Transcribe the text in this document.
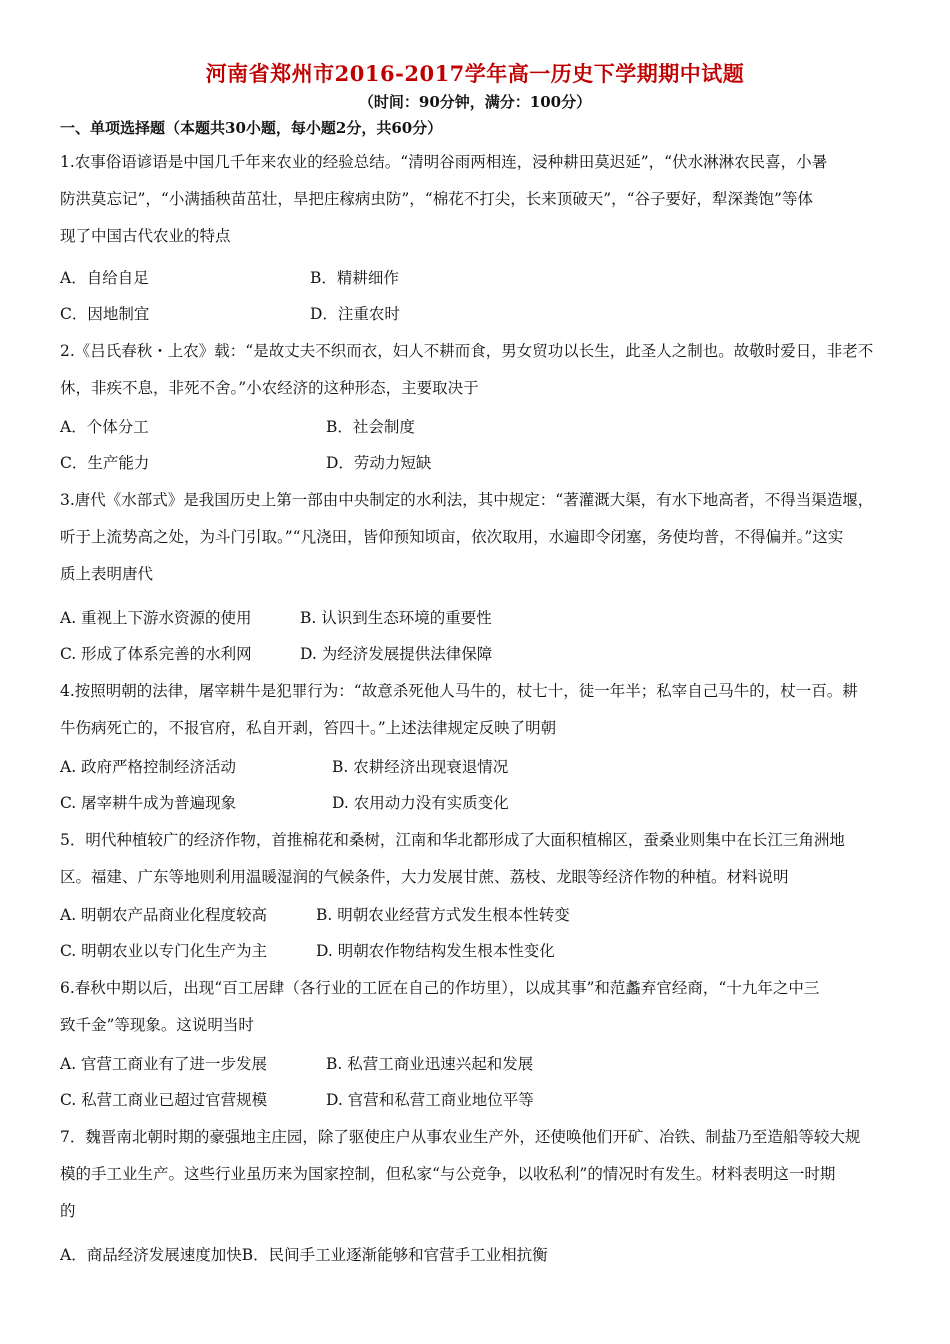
河南省郑州市2016-2017学年高一历史下学期期中试题
（时间：90分钟，满分：100分）
一、单项选择题（本题共30小题，每小题2分，共60分）

1.农事俗语谚语是中国几千年来农业的经验总结。“清明谷雨两相连，浸种耕田莫迟延”，“伏水淋淋农民喜，小暑

防洪莫忘记”，“小满插秧苗茁壮，旱把庄稼病虫防”，“棉花不打尖，长来顶破天”，“谷子要好，犁深粪饱”等体

现了中国古代农业的特点

A．自给自足	B．精耕细作
C．因地制宜	D．注重农时

2.《吕氏春秋・上农》载：“是故丈夫不织而衣，妇人不耕而食，男女贸功以长生，此圣人之制也。故敬时爱日，非老不

休，非疾不息，非死不舍。”小农经济的这种形态，主要取决于

A．个体分工	B．社会制度
C．生产能力	D．劳动力短缺

3.唐代《水部式》是我国历史上第一部由中央制定的水利法，其中规定：“著灌溉大渠，有水下地高者，不得当渠造堰，

听于上流势高之处，为斗门引取。”“凡浇田，皆仰预知顷亩，依次取用，水遍即令闭塞，务使均普，不得偏并。”这实

质上表明唐代

A. 重视上下游水资源的使用	B. 认识到生态环境的重要性
C. 形成了体系完善的水利网	D. 为经济发展提供法律保障

4.按照明朝的法律，屠宰耕牛是犯罪行为：“故意杀死他人马牛的，杖七十，徒一年半；私宰自己马牛的，杖一百。耕

牛伤病死亡的，不报官府，私自开剥，笞四十。”上述法律规定反映了明朝

A. 政府严格控制经济活动	B. 农耕经济出现衰退情况
C. 屠宰耕牛成为普遍现象	D. 农用动力没有实质变化

5．明代种植较广的经济作物，首推棉花和桑树，江南和华北都形成了大面积植棉区，蚕桑业则集中在长江三角洲地

区。福建、广东等地则利用温暖湿润的气候条件，大力发展甘蔗、荔枝、龙眼等经济作物的种植。材料说明

A. 明朝农产品商业化程度较高	B. 明朝农业经营方式发生根本性转变
C. 明朝农业以专门化生产为主	D. 明朝农作物结构发生根本性变化

6.春秋中期以后，出现“百工居肆（各行业的工匠在自己的作坊里），以成其事”和范蠡弃官经商，“十九年之中三

致千金”等现象。这说明当时

A. 官营工商业有了进一步发展	B. 私营工商业迅速兴起和发展
C. 私营工商业已超过官营规模	D. 官营和私营工商业地位平等

7．魏晋南北朝时期的豪强地主庄园，除了驱使庄户从事农业生产外，还使唤他们开矿、冶铁、制盐乃至造船等较大规

模的手工业生产。这些行业虽历来为国家控制，但私家“与公竞争，以收私利”的情况时有发生。材料表明这一时期

的

A．商品经济发展速度加快B．民间手工业逐渐能够和官营手工业相抗衡
